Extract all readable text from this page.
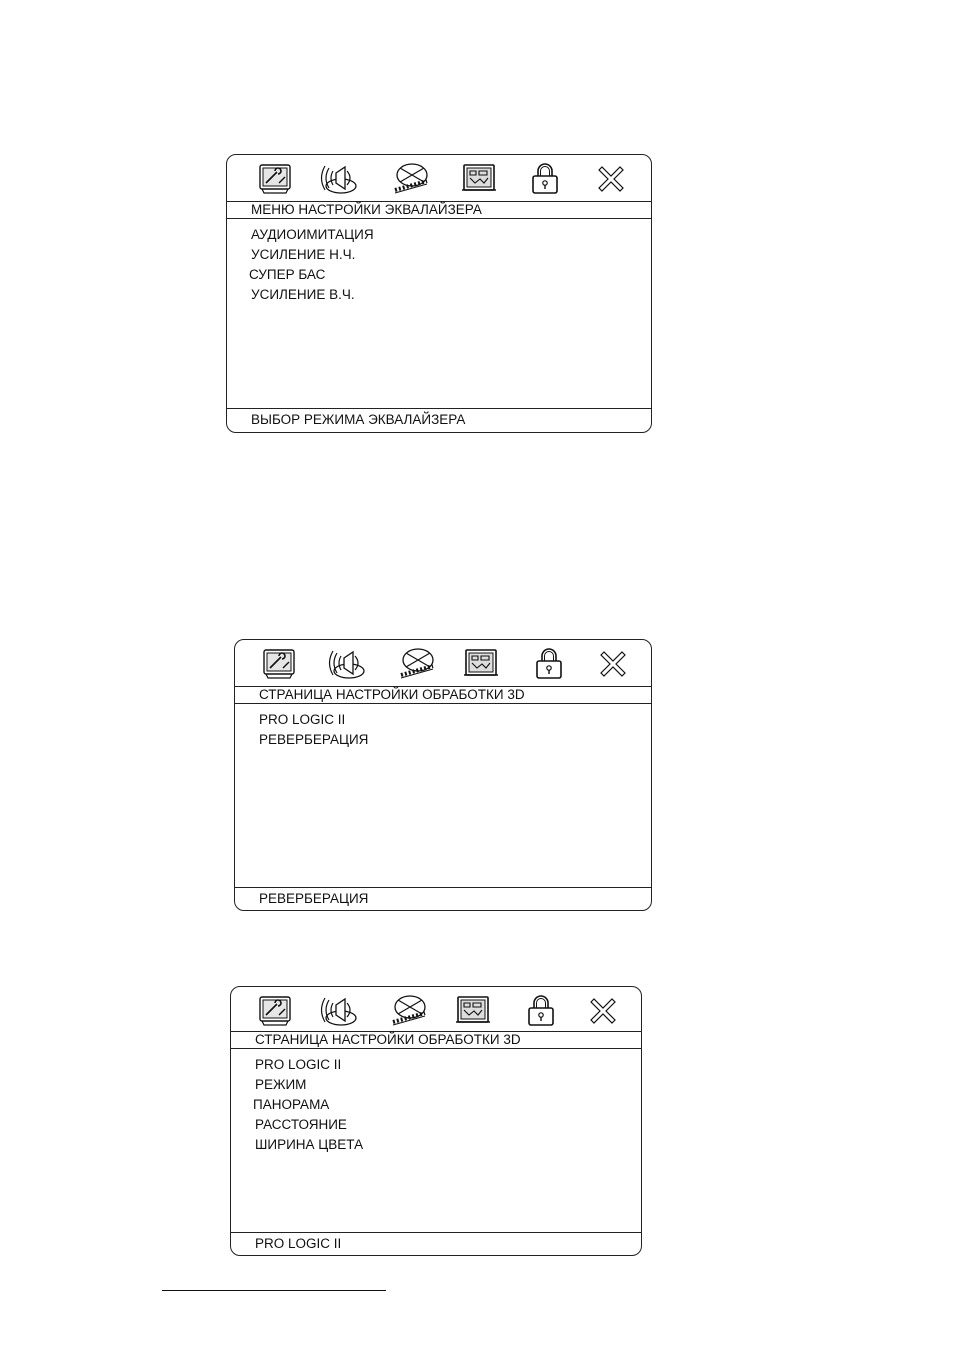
МЕНЮ НАСТРОЙКИ ЭКВАЛАЙЗЕРА
АУДИОИМИТАЦИЯ
УСИЛЕНИЕ Н.Ч.
СУПЕР БАС
УСИЛЕНИЕ В.Ч.
ВЫБОР РЕЖИМА ЭКВАЛАЙЗЕРА
СТРАНИЦА НАСТРОЙКИ ОБРАБОТКИ 3D
PRO LOGIC II
РЕВЕРБЕРАЦИЯ
РЕВЕРБЕРАЦИЯ
СТРАНИЦА НАСТРОЙКИ ОБРАБОТКИ 3D
PRO LOGIC II
РЕЖИМ
ПАНОРАМА
РАССТОЯНИЕ
ШИРИНА ЦВЕТА
PRO LOGIC II
